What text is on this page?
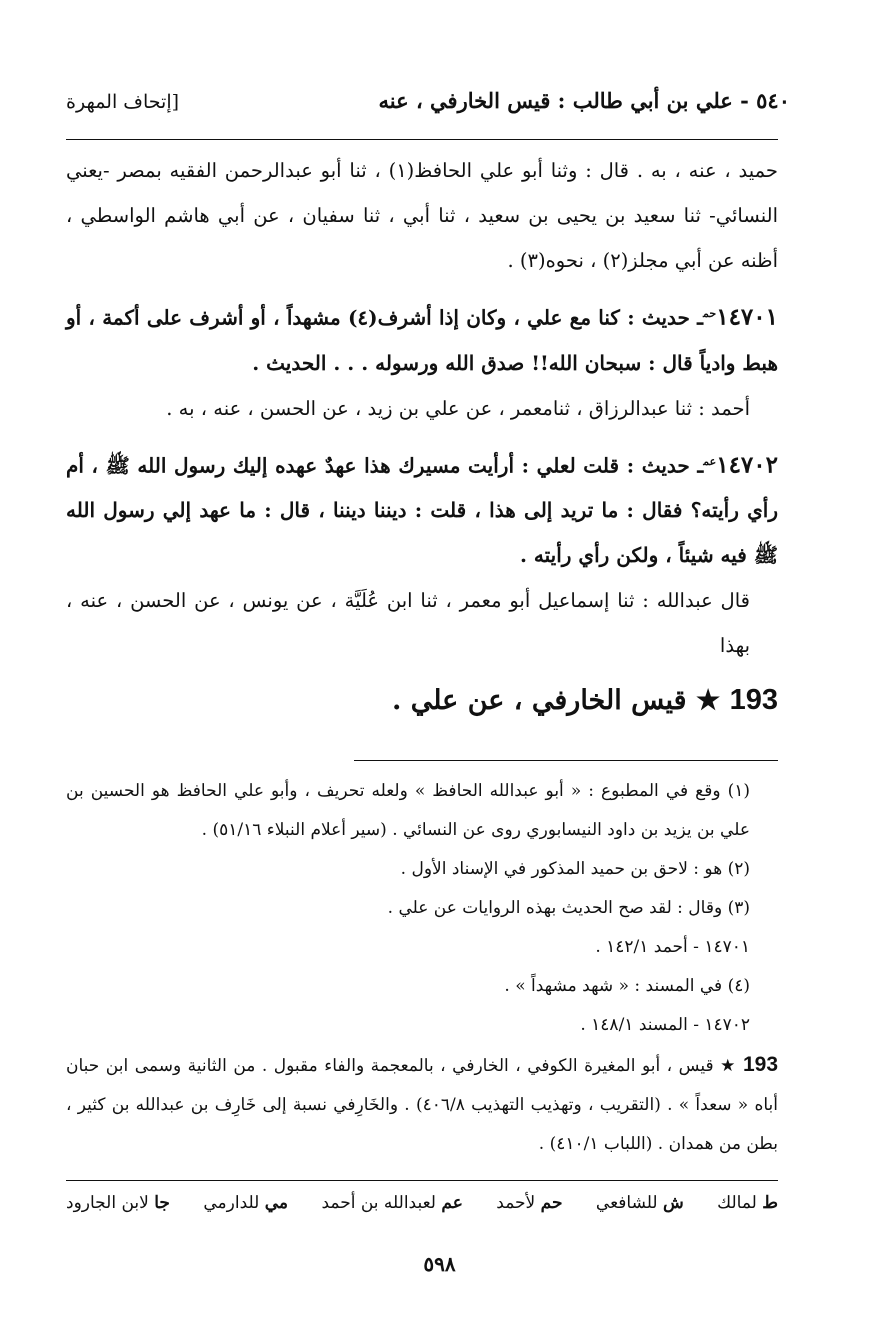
٥٤٠ - علي بن أبي طالب : قيس الخارفي ، عنه
[إتحاف المهرة

حميد ، عنه ، به . قال : وثنا أبو علي الحافظ(١) ، ثنا أبو عبدالرحمن الفقيه بمصر -يعني النسائي- ثنا سعيد بن يحيى بن سعيد ، ثنا أبي ، ثنا سفيان ، عن أبي هاشم الواسطي ، أظنه عن أبي مجلز(٢) ، نحوه(٣) .

$١٤٧٠١^{حم}ـ$ حديث : كنا مع علي ، وكان إذا أشرف(٤) مشهداً ، أو أشرف على أكمة ، أو هبط وادياً قال : سبحان الله!! صدق الله ورسوله . . . الحديث .

أحمد : ثنا عبدالرزاق ، ثنامعمر ، عن علي بن زيد ، عن الحسن ، عنه ، به .

$١٤٧٠٢^{عم}ـ$ حديث : قلت لعلي : أرأيت مسيرك هذا عهدٌ عهده إليك رسول الله ﷺ ، أم رأي رأيته؟ فقال : ما تريد إلى هذا ، قلت : ديننا ديننا ، قال : ما عهد إلي رسول الله ﷺ فيه شيئاً ، ولكن رأي رأيته .

قال عبدالله : ثنا إسماعيل أبو معمر ، ثنا ابن عُلَيَّة ، عن يونس ، عن الحسن ، عنه ، بهذا

193 ★ قيس الخارفي ، عن علي .

(١) وقع في المطبوع : « أبو عبدالله الحافظ » ولعله تحريف ، وأبو علي الحافظ هو الحسين بن علي بن يزيد بن داود النيسابوري روى عن النسائي . (سير أعلام النبلاء ٥١/١٦) .

(٢) هو : لاحق بن حميد المذكور في الإسناد الأول .

(٣) وقال : لقد صح الحديث بهذه الروايات عن علي .

١٤٧٠١ - أحمد ١٤٢/١ .

(٤) في المسند : « شهد مشهداً » .

١٤٧٠٢ - المسند ١٤٨/١ .

193 ★ قيس ، أبو المغيرة الكوفي ، الخارفي ، بالمعجمة والفاء مقبول . من الثانية وسمى ابن حبان أباه « سعداً » . (التقريب ، وتهذيب التهذيب ٤٠٦/٨) . والخَارِفي نسبة إلى خَارِف بن عبدالله بن كثير ، بطن من همدان . (اللباب ٤١٠/١) .

ط لمالك
ش للشافعي
حم لأحمد
عم لعبدالله بن أحمد
مي للدارمي
جا لابن الجارود
٥٩٨
